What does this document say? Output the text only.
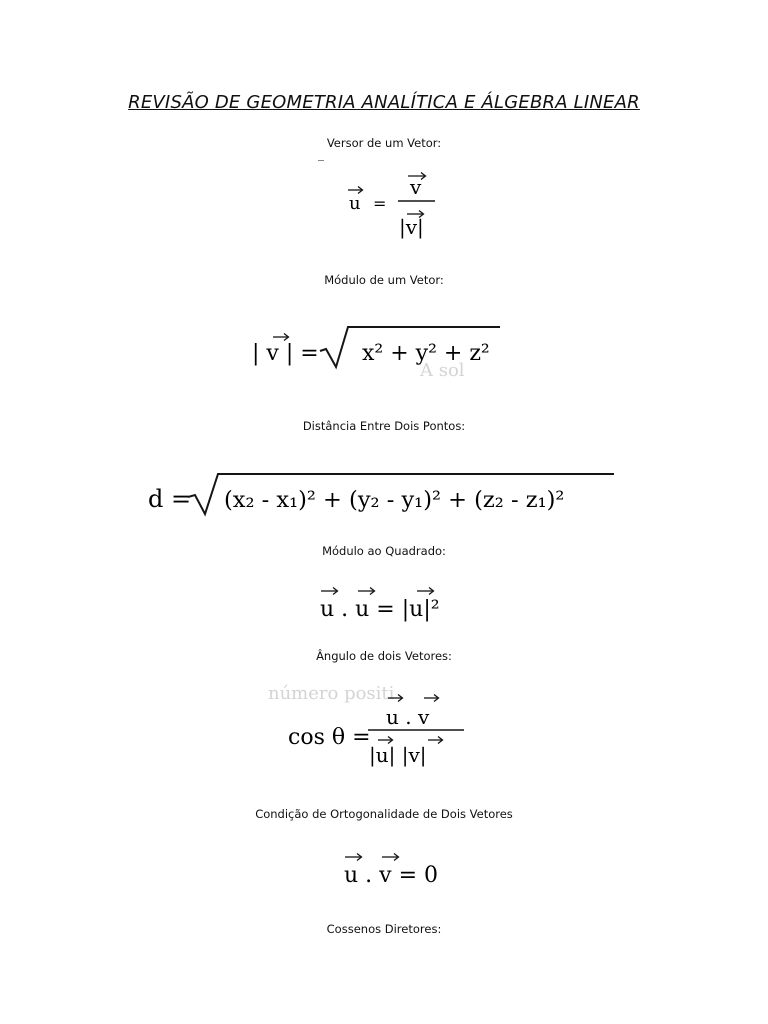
REVISÃO DE GEOMETRIA ANALÍTICA E ÁLGEBRA LINEAR
Versor de um Vetor:
u =
v
|v|
Módulo de um Vetor:
A sol
| v | = x² + y² + z²
Distância Entre Dois Pontos:
d = (x₂ - x₁)² + (y₂ - y₁)² + (z₂ - z₁)²
Módulo ao Quadrado:
u . u = |u|²
Ângulo de dois Vetores:
número positi
cos θ =
u . v
|u| |v|
Condição de Ortogonalidade de Dois Vetores
u . v = 0
Cossenos Diretores:
